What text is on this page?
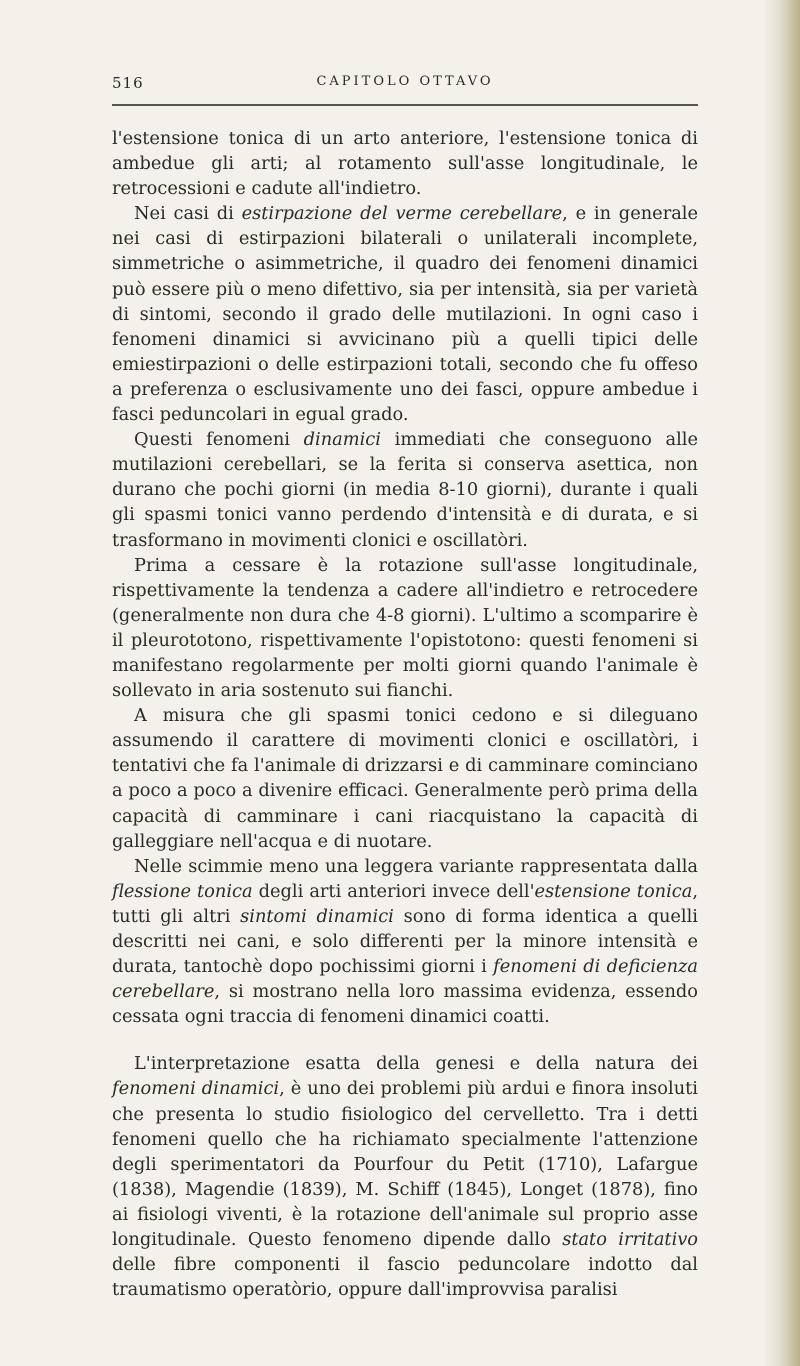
516	CAPITOLO OTTAVO

l'estensione tonica di un arto anteriore, l'estensione tonica di ambedue gli arti; al rotamento sull'asse longitudinale, le retrocessioni e cadute all'indietro.

Nei casi di estirpazione del verme cerebellare, e in generale nei casi di estirpazioni bilaterali o unilaterali incomplete, simmetriche o asimmetriche, il quadro dei fenomeni dinamici può essere più o meno difettivo, sia per intensità, sia per varietà di sintomi, secondo il grado delle mutilazioni. In ogni caso i fenomeni dinamici si avvicinano più a quelli tipici delle emiestirpazioni o delle estirpazioni totali, secondo che fu offeso a preferenza o esclusivamente uno dei fasci, oppure ambedue i fasci peduncolari in egual grado.

Questi fenomeni dinamici immediati che conseguono alle mutilazioni cerebellari, se la ferita si conserva asettica, non durano che pochi giorni (in media 8-10 giorni), durante i quali gli spasmi tonici vanno perdendo d'intensità e di durata, e si trasformano in movimenti clonici e oscillatòri.

Prima a cessare è la rotazione sull'asse longitudinale, rispettivamente la tendenza a cadere all'indietro e retrocedere (generalmente non dura che 4-8 giorni). L'ultimo a scomparire è il pleurototono, rispettivamente l'opistotono: questi fenomeni si manifestano regolarmente per molti giorni quando l'animale è sollevato in aria sostenuto sui fianchi.

A misura che gli spasmi tonici cedono e si dileguano assumendo il carattere di movimenti clonici e oscillatòri, i tentativi che fa l'animale di drizzarsi e di camminare cominciano a poco a poco a divenire efficaci. Generalmente però prima della capacità di camminare i cani riacquistano la capacità di galleggiare nell'acqua e di nuotare.

Nelle scimmie meno una leggera variante rappresentata dalla flessione tonica degli arti anteriori invece dell'estensione tonica, tutti gli altri sintomi dinamici sono di forma identica a quelli descritti nei cani, e solo differenti per la minore intensità e durata, tantochè dopo pochissimi giorni i fenomeni di deficienza cerebellare, si mostrano nella loro massima evidenza, essendo cessata ogni traccia di fenomeni dinamici coatti.

L'interpretazione esatta della genesi e della natura dei fenomeni dinamici, è uno dei problemi più ardui e finora insoluti che presenta lo studio fisiologico del cervelletto. Tra i detti fenomeni quello che ha richiamato specialmente l'attenzione degli sperimentatori da Pourfour du Petit (1710), Lafargue (1838), Magendie (1839), M. Schiff (1845), Longet (1878), fino ai fisiologi viventi, è la rotazione dell'animale sul proprio asse longitudinale. Questo fenomeno dipende dallo stato irritativo delle fibre componenti il fascio peduncolare indotto dal traumatismo operatòrio, oppure dall'improvvisa paralisi
